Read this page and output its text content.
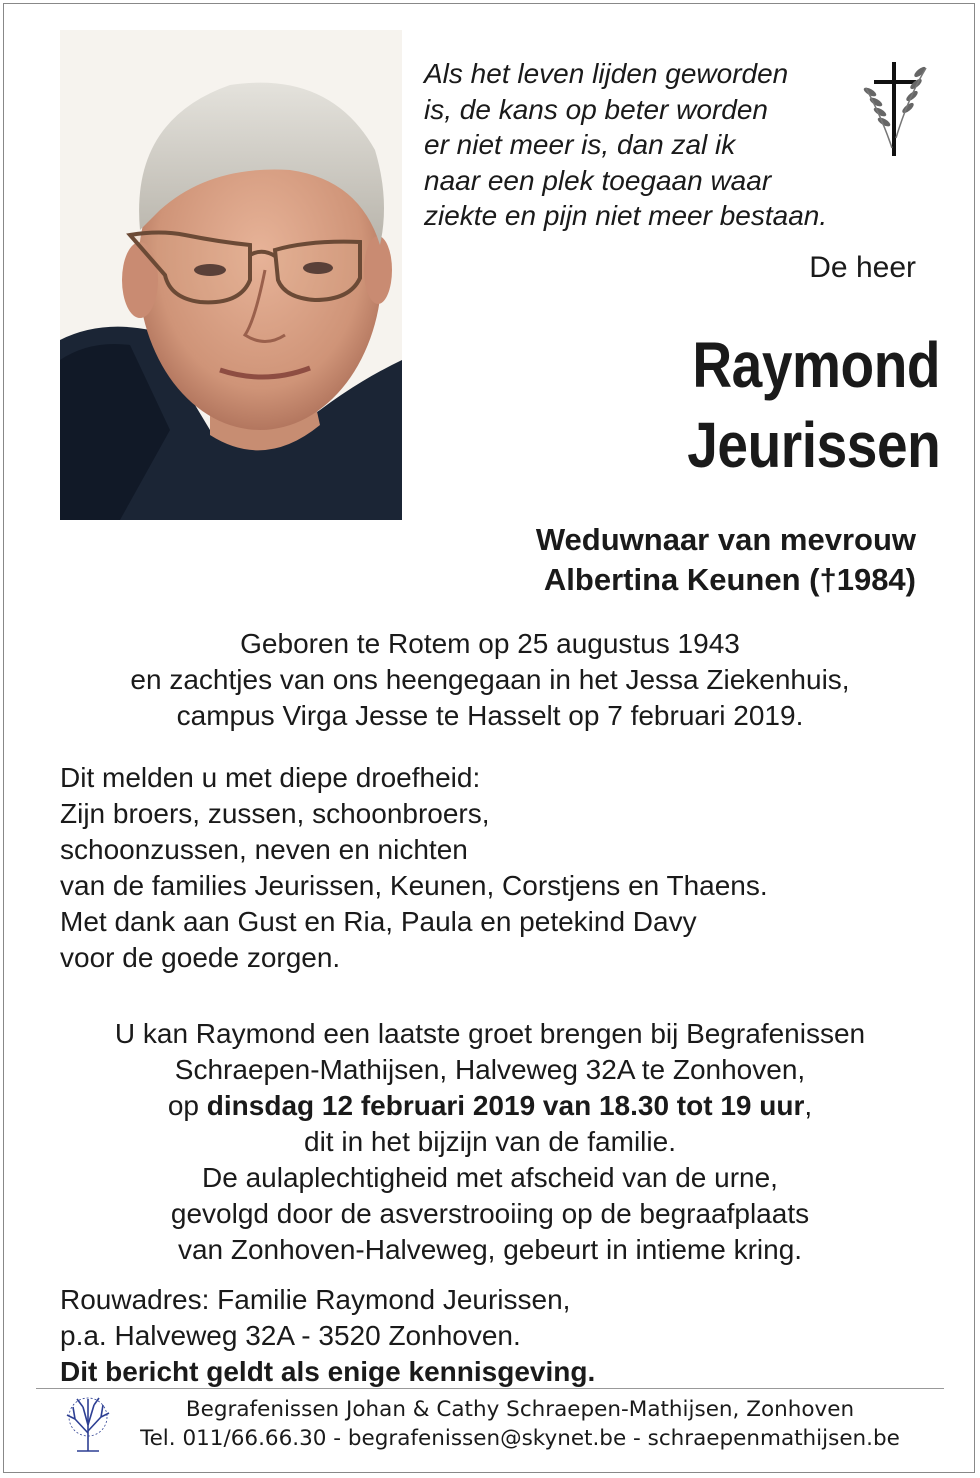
Als het leven lijden geworden
is, de kans op beter worden
er niet meer is, dan zal ik
naar een plek toegaan waar
ziekte en pijn niet meer bestaan.
De heer
Raymond
Jeurissen
Weduwnaar van mevrouw
Albertina Keunen (†1984)
Geboren te Rotem op 25 augustus 1943
en zachtjes van ons heengegaan in het Jessa Ziekenhuis,
campus Virga Jesse te Hasselt op 7 februari 2019.
Dit melden u met diepe droefheid:
Zijn broers, zussen, schoonbroers,
schoonzussen, neven en nichten
van de families Jeurissen, Keunen, Corstjens en Thaens.
Met dank aan Gust en Ria, Paula en petekind Davy
voor de goede zorgen.
U kan Raymond een laatste groet brengen bij Begrafenissen
Schraepen-Mathijsen, Halveweg 32A te Zonhoven,
op dinsdag 12 februari 2019 van 18.30 tot 19 uur,
dit in het bijzijn van de familie.
De aulaplechtigheid met afscheid van de urne,
gevolgd door de asverstrooiing op de begraafplaats
van Zonhoven-Halveweg, gebeurt in intieme kring.
Rouwadres: Familie Raymond Jeurissen,
p.a. Halveweg 32A - 3520 Zonhoven.
Dit bericht geldt als enige kennisgeving.
Begrafenissen Johan & Cathy Schraepen-Mathijsen, Zonhoven
Tel. 011/66.66.30 - begrafenissen@skynet.be - schraepenmathijsen.be
